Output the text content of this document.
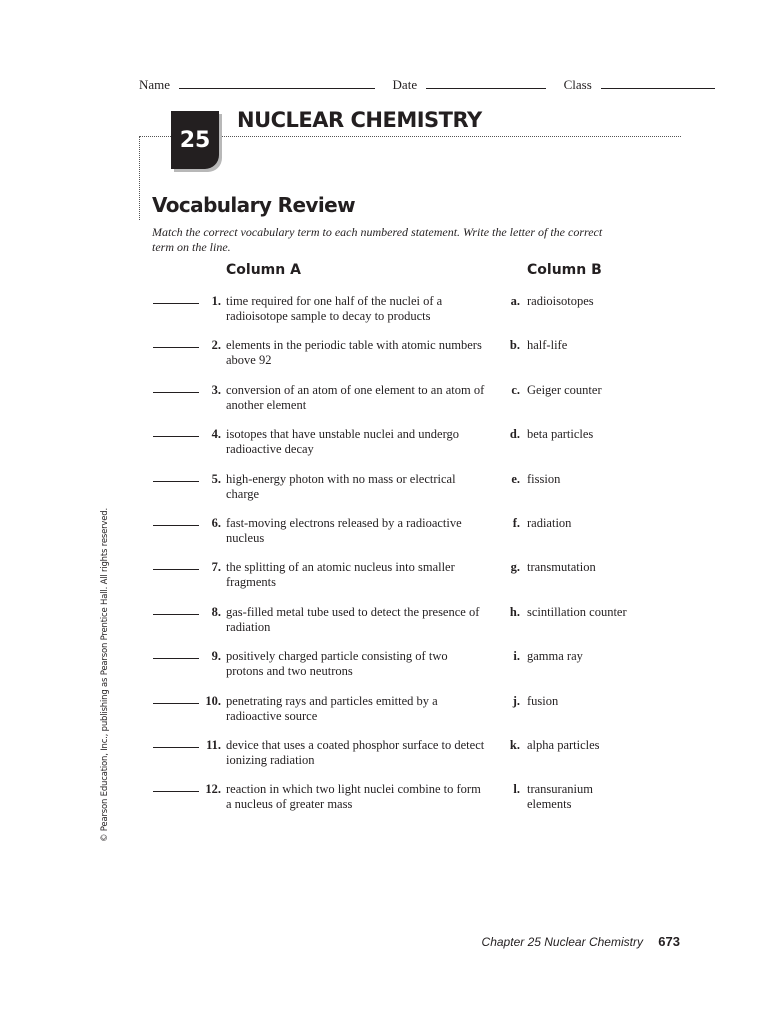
Name	Date	Class
25
NUCLEAR CHEMISTRY
Vocabulary Review
Match the correct vocabulary term to each numbered statement. Write the letter of the correct term on the line.
Column A	Column B
1. time required for one half of the nuclei of a radioisotope sample to decay to products
a. radioisotopes
2. elements in the periodic table with atomic numbers above 92
b. half-life
3. conversion of an atom of one element to an atom of another element
c. Geiger counter
4. isotopes that have unstable nuclei and undergo radioactive decay
d. beta particles
5. high-energy photon with no mass or electrical charge
e. fission
6. fast-moving electrons released by a radioactive nucleus
f. radiation
7. the splitting of an atomic nucleus into smaller fragments
g. transmutation
8. gas-filled metal tube used to detect the presence of radiation
h. scintillation counter
9. positively charged particle consisting of two protons and two neutrons
i. gamma ray
10. penetrating rays and particles emitted by a radioactive source
j. fusion
11. device that uses a coated phosphor surface to detect ionizing radiation
k. alpha particles
12. reaction in which two light nuclei combine to form a nucleus of greater mass
l. transuranium elements
© Pearson Education, Inc., publishing as Pearson Prentice Hall. All rights reserved.
Chapter 25 Nuclear Chemistry 673
